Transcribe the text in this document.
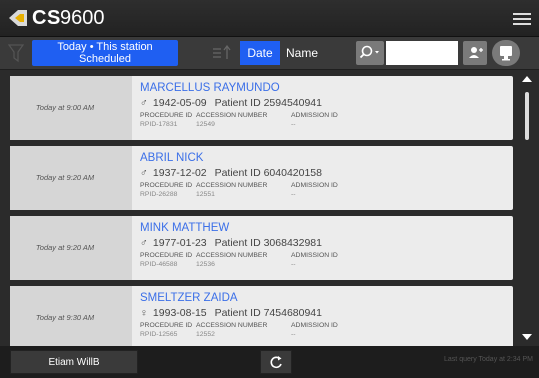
CS 9600
Today • This station
Scheduled	Date	Name
Today at 9:00 AM
MARCELLUS RAYMUNDO
♂ 1942-05-09 Patient ID 2594540941
PROCEDURE ID ACCESSION NUMBER	ADMISSION ID
RPID-17831	12549	--
Today at 9:20 AM
ABRIL NICK
♂ 1937-12-02 Patient ID 6040420158
PROCEDURE ID ACCESSION NUMBER	ADMISSION ID
RPID-26288	12551	--
Today at 9:20 AM
MINK MATTHEW
♂ 1977-01-23 Patient ID 3068432981
PROCEDURE ID ACCESSION NUMBER	ADMISSION ID
RPID-46588	12536	--
Today at 9:30 AM
SMELTZER ZAIDA
♀ 1993-08-15 Patient ID 7454680941
PROCEDURE ID ACCESSION NUMBER	ADMISSION ID
RPID-12565	12552	--
Etiam WillB	Last query Today at 2:34 PM
